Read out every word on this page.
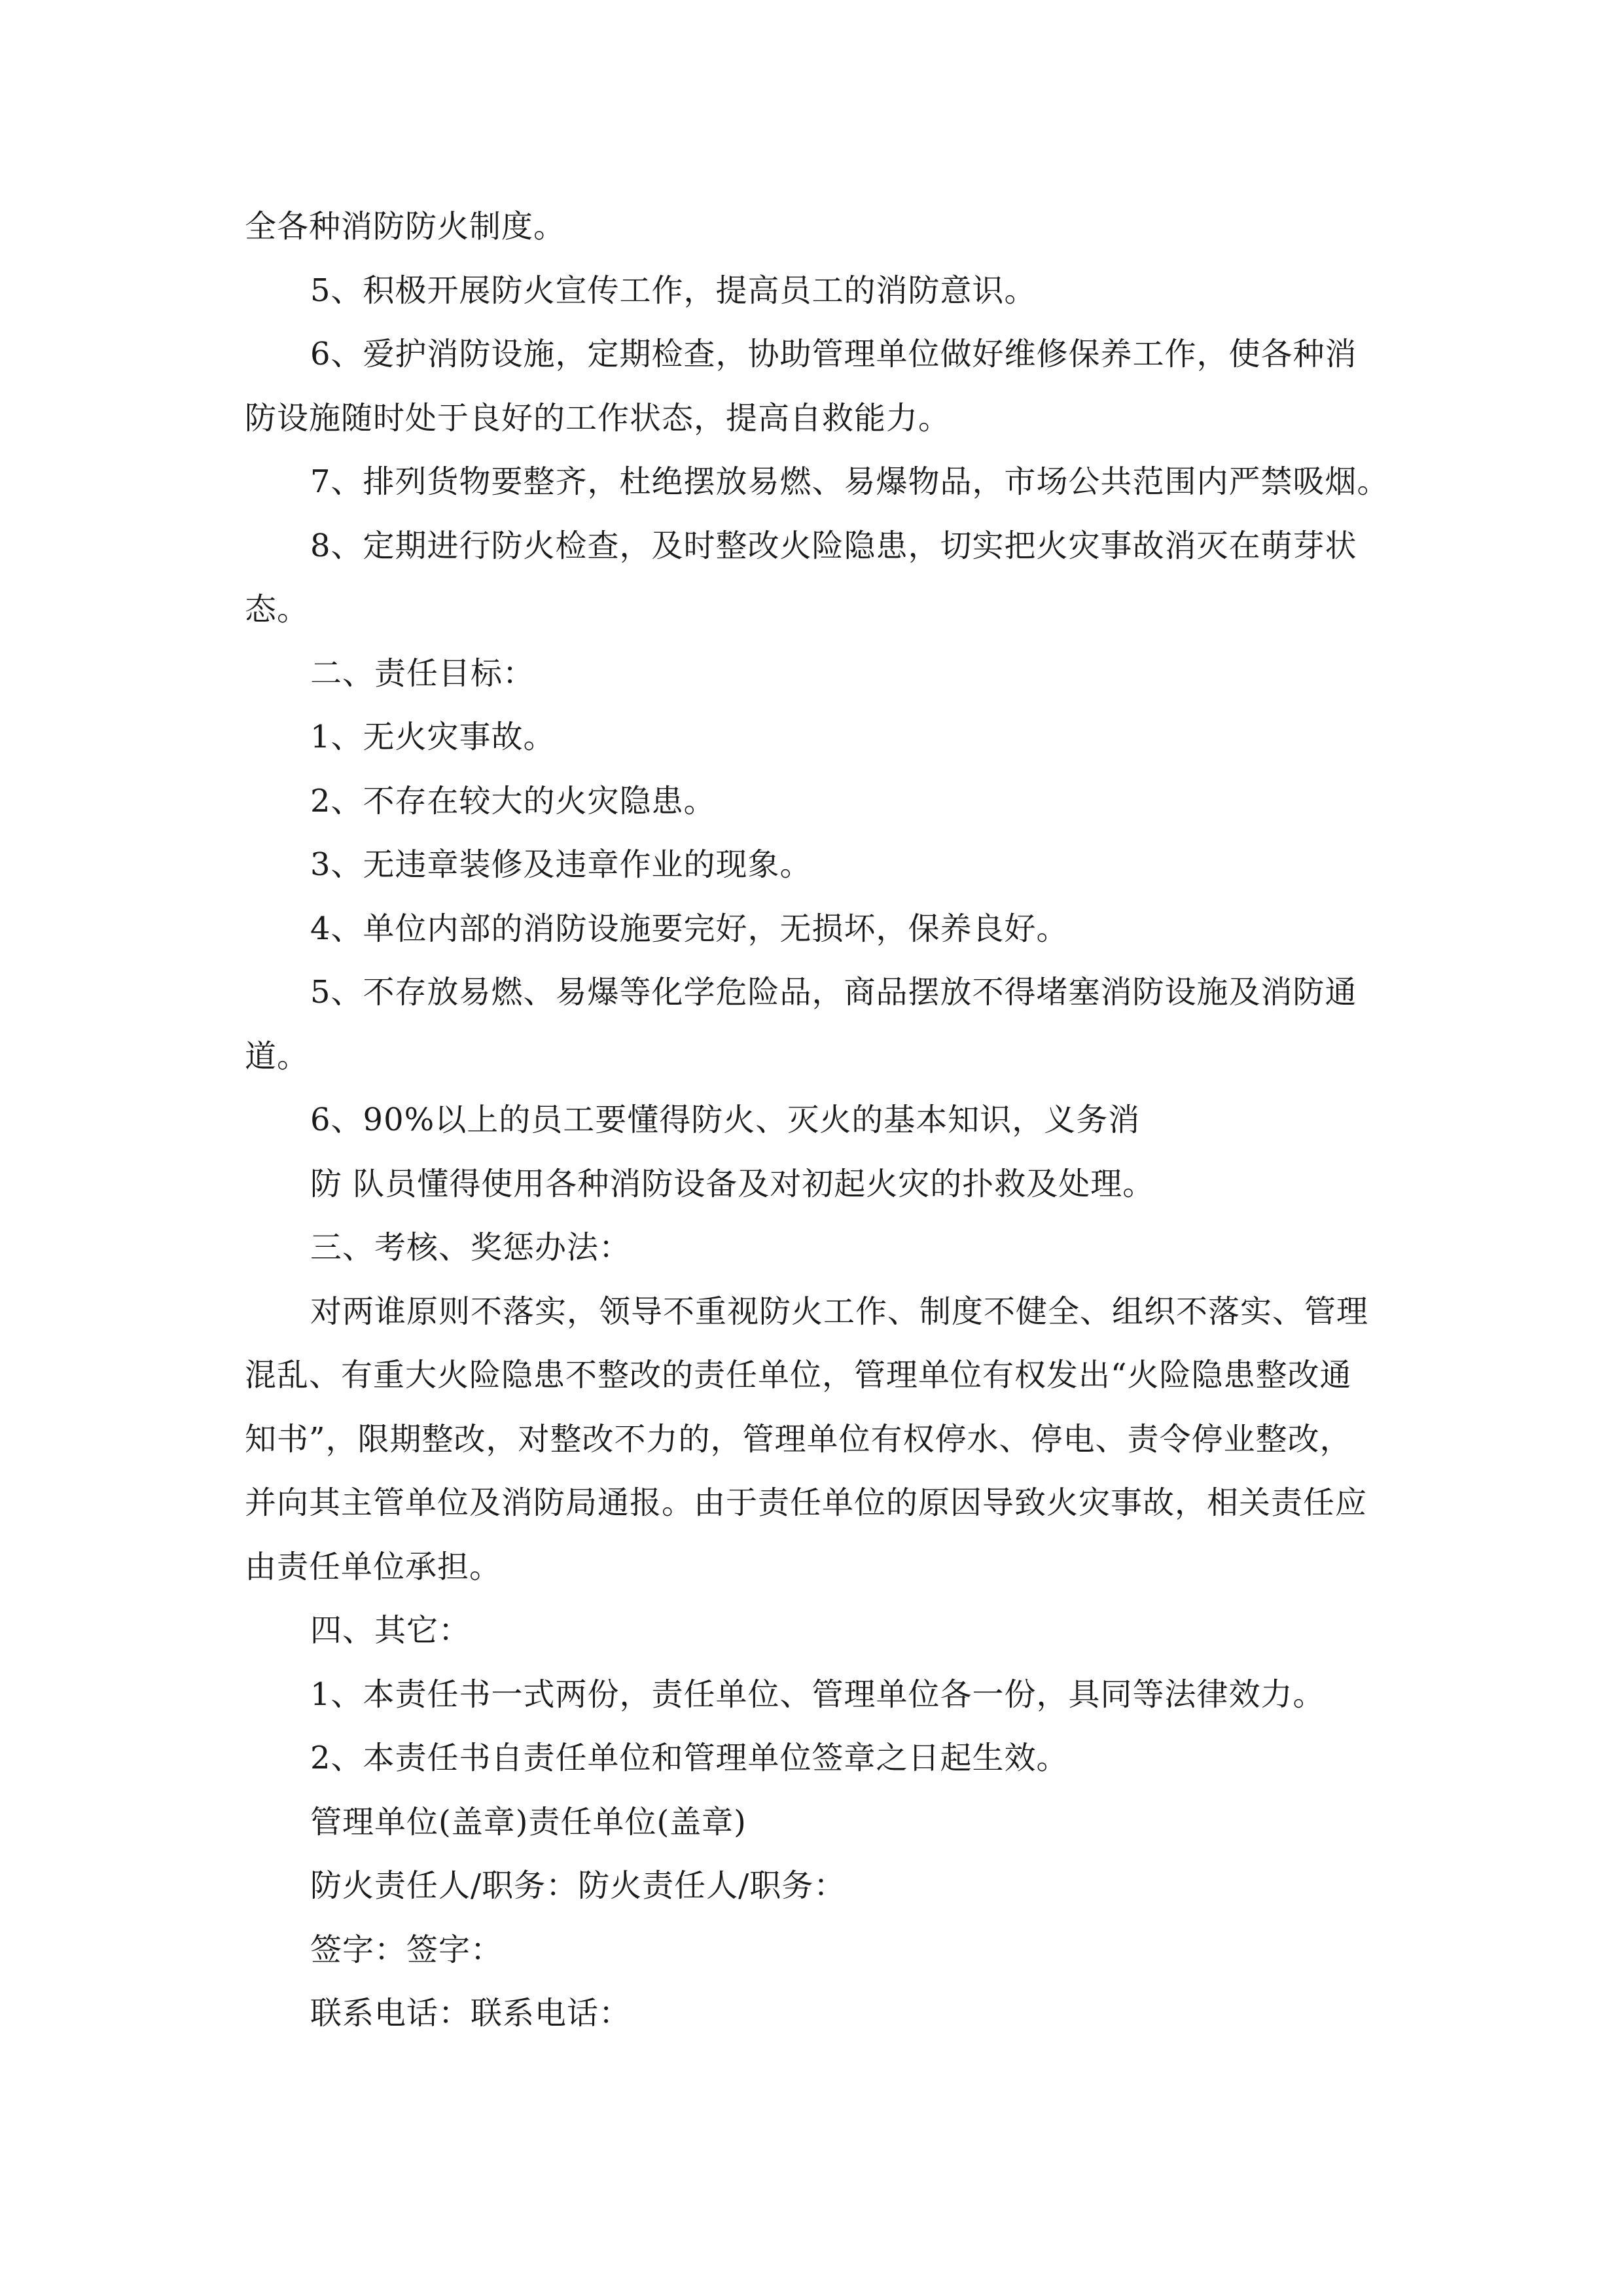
全各种消防防火制度。
5、积极开展防火宣传工作，提高员工的消防意识。
6、爱护消防设施，定期检查，协助管理单位做好维修保养工作，使各种消
防设施随时处于良好的工作状态，提高自救能力。
7、排列货物要整齐，杜绝摆放易燃、易爆物品，市场公共范围内严禁吸烟。
8、定期进行防火检查，及时整改火险隐患，切实把火灾事故消灭在萌芽状
态。
二、责任目标：
1、无火灾事故。
2、不存在较大的火灾隐患。
3、无违章装修及违章作业的现象。
4、单位内部的消防设施要完好，无损坏，保养良好。
5、不存放易燃、易爆等化学危险品，商品摆放不得堵塞消防设施及消防通
道。
6、90%以上的员工要懂得防火、灭火的基本知识，义务消
防 队员懂得使用各种消防设备及对初起火灾的扑救及处理。
三、考核、奖惩办法：
对两谁原则不落实，领导不重视防火工作、制度不健全、组织不落实、管理
混乱、有重大火险隐患不整改的责任单位，管理单位有权发出“火险隐患整改通
知书”，限期整改，对整改不力的，管理单位有权停水、停电、责令停业整改，
并向其主管单位及消防局通报。由于责任单位的原因导致火灾事故，相关责任应
由责任单位承担。
四、其它：
1、本责任书一式两份，责任单位、管理单位各一份，具同等法律效力。
2、本责任书自责任单位和管理单位签章之日起生效。
管理单位(盖章)责任单位(盖章)
防火责任人/职务：防火责任人/职务：
签字：签字：
联系电话：联系电话：
